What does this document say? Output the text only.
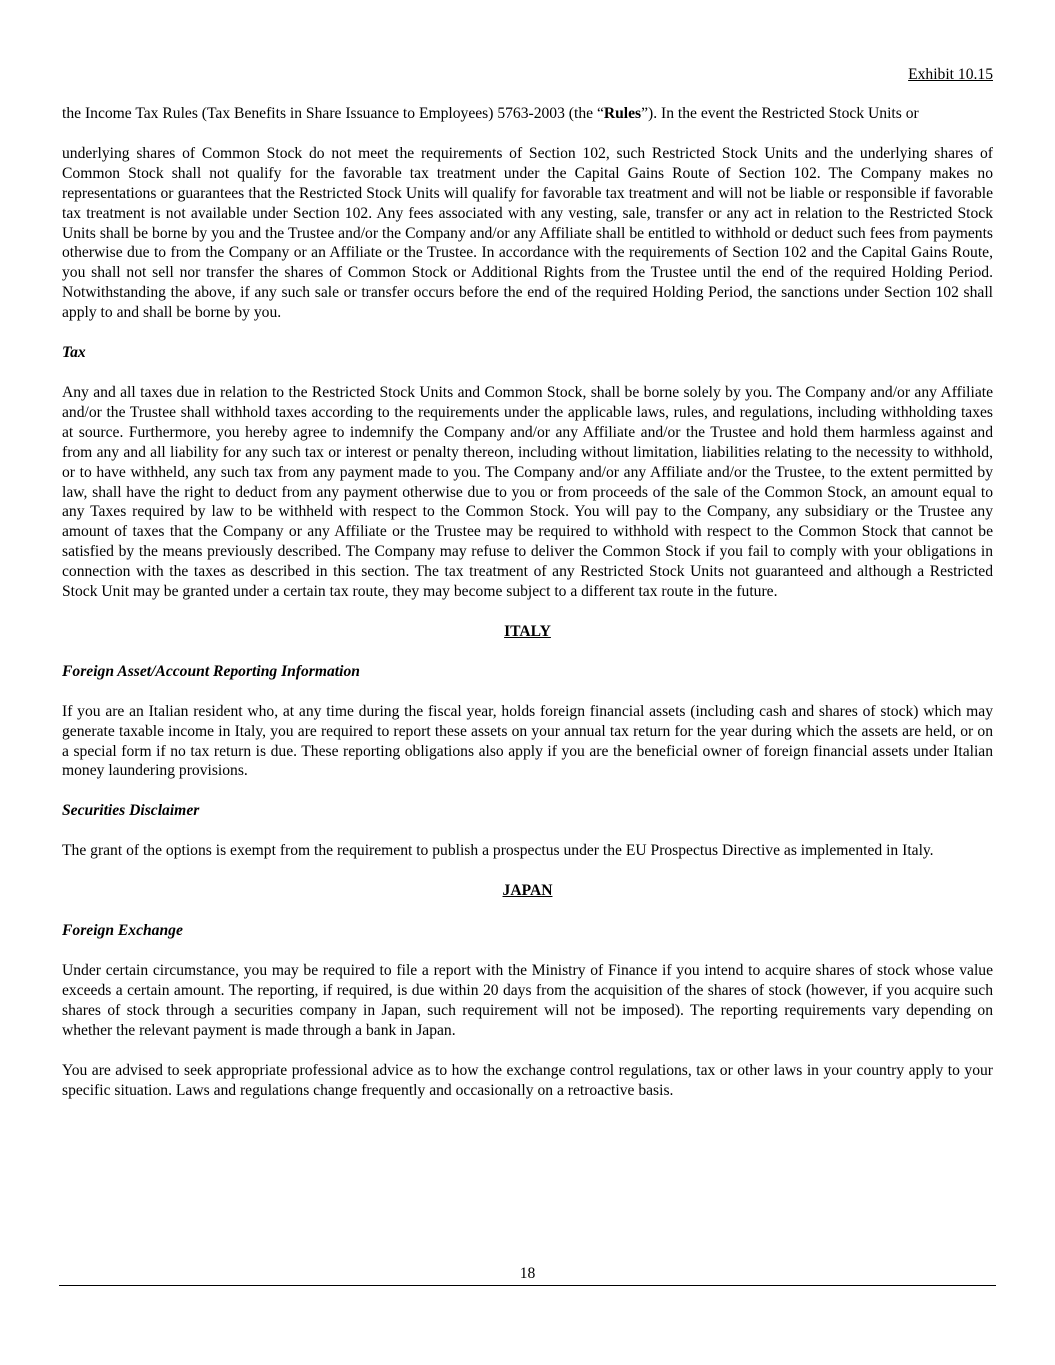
Exhibit 10.15

the Income Tax Rules (Tax Benefits in Share Issuance to Employees) 5763-2003 (the “Rules”). In the event the Restricted Stock Units or

underlying shares of Common Stock do not meet the requirements of Section 102, such Restricted Stock Units and the underlying shares of Common Stock shall not qualify for the favorable tax treatment under the Capital Gains Route of Section 102. The Company makes no representations or guarantees that the Restricted Stock Units will qualify for favorable tax treatment and will not be liable or responsible if favorable tax treatment is not available under Section 102. Any fees associated with any vesting, sale, transfer or any act in relation to the Restricted Stock Units shall be borne by you and the Trustee and/or the Company and/or any Affiliate shall be entitled to withhold or deduct such fees from payments otherwise due to from the Company or an Affiliate or the Trustee. In accordance with the requirements of Section 102 and the Capital Gains Route, you shall not sell nor transfer the shares of Common Stock or Additional Rights from the Trustee until the end of the required Holding Period. Notwithstanding the above, if any such sale or transfer occurs before the end of the required Holding Period, the sanctions under Section 102 shall apply to and shall be borne by you.

Tax

Any and all taxes due in relation to the Restricted Stock Units and Common Stock, shall be borne solely by you. The Company and/or any Affiliate and/or the Trustee shall withhold taxes according to the requirements under the applicable laws, rules, and regulations, including withholding taxes at source. Furthermore, you hereby agree to indemnify the Company and/or any Affiliate and/or the Trustee and hold them harmless against and from any and all liability for any such tax or interest or penalty thereon, including without limitation, liabilities relating to the necessity to withhold, or to have withheld, any such tax from any payment made to you. The Company and/or any Affiliate and/or the Trustee, to the extent permitted by law, shall have the right to deduct from any payment otherwise due to you or from proceeds of the sale of the Common Stock, an amount equal to any Taxes required by law to be withheld with respect to the Common Stock. You will pay to the Company, any subsidiary or the Trustee any amount of taxes that the Company or any Affiliate or the Trustee may be required to withhold with respect to the Common Stock that cannot be satisfied by the means previously described. The Company may refuse to deliver the Common Stock if you fail to comply with your obligations in connection with the taxes as described in this section. The tax treatment of any Restricted Stock Units not guaranteed and although a Restricted Stock Unit may be granted under a certain tax route, they may become subject to a different tax route in the future.

ITALY

Foreign Asset/Account Reporting Information

If you are an Italian resident who, at any time during the fiscal year, holds foreign financial assets (including cash and shares of stock) which may generate taxable income in Italy, you are required to report these assets on your annual tax return for the year during which the assets are held, or on a special form if no tax return is due. These reporting obligations also apply if you are the beneficial owner of foreign financial assets under Italian money laundering provisions.

Securities Disclaimer

The grant of the options is exempt from the requirement to publish a prospectus under the EU Prospectus Directive as implemented in Italy.

JAPAN

Foreign Exchange

Under certain circumstance, you may be required to file a report with the Ministry of Finance if you intend to acquire shares of stock whose value exceeds a certain amount. The reporting, if required, is due within 20 days from the acquisition of the shares of stock (however, if you acquire such shares of stock through a securities company in Japan, such requirement will not be imposed). The reporting requirements vary depending on whether the relevant payment is made through a bank in Japan.

You are advised to seek appropriate professional advice as to how the exchange control regulations, tax or other laws in your country apply to your specific situation. Laws and regulations change frequently and occasionally on a retroactive basis.

18
